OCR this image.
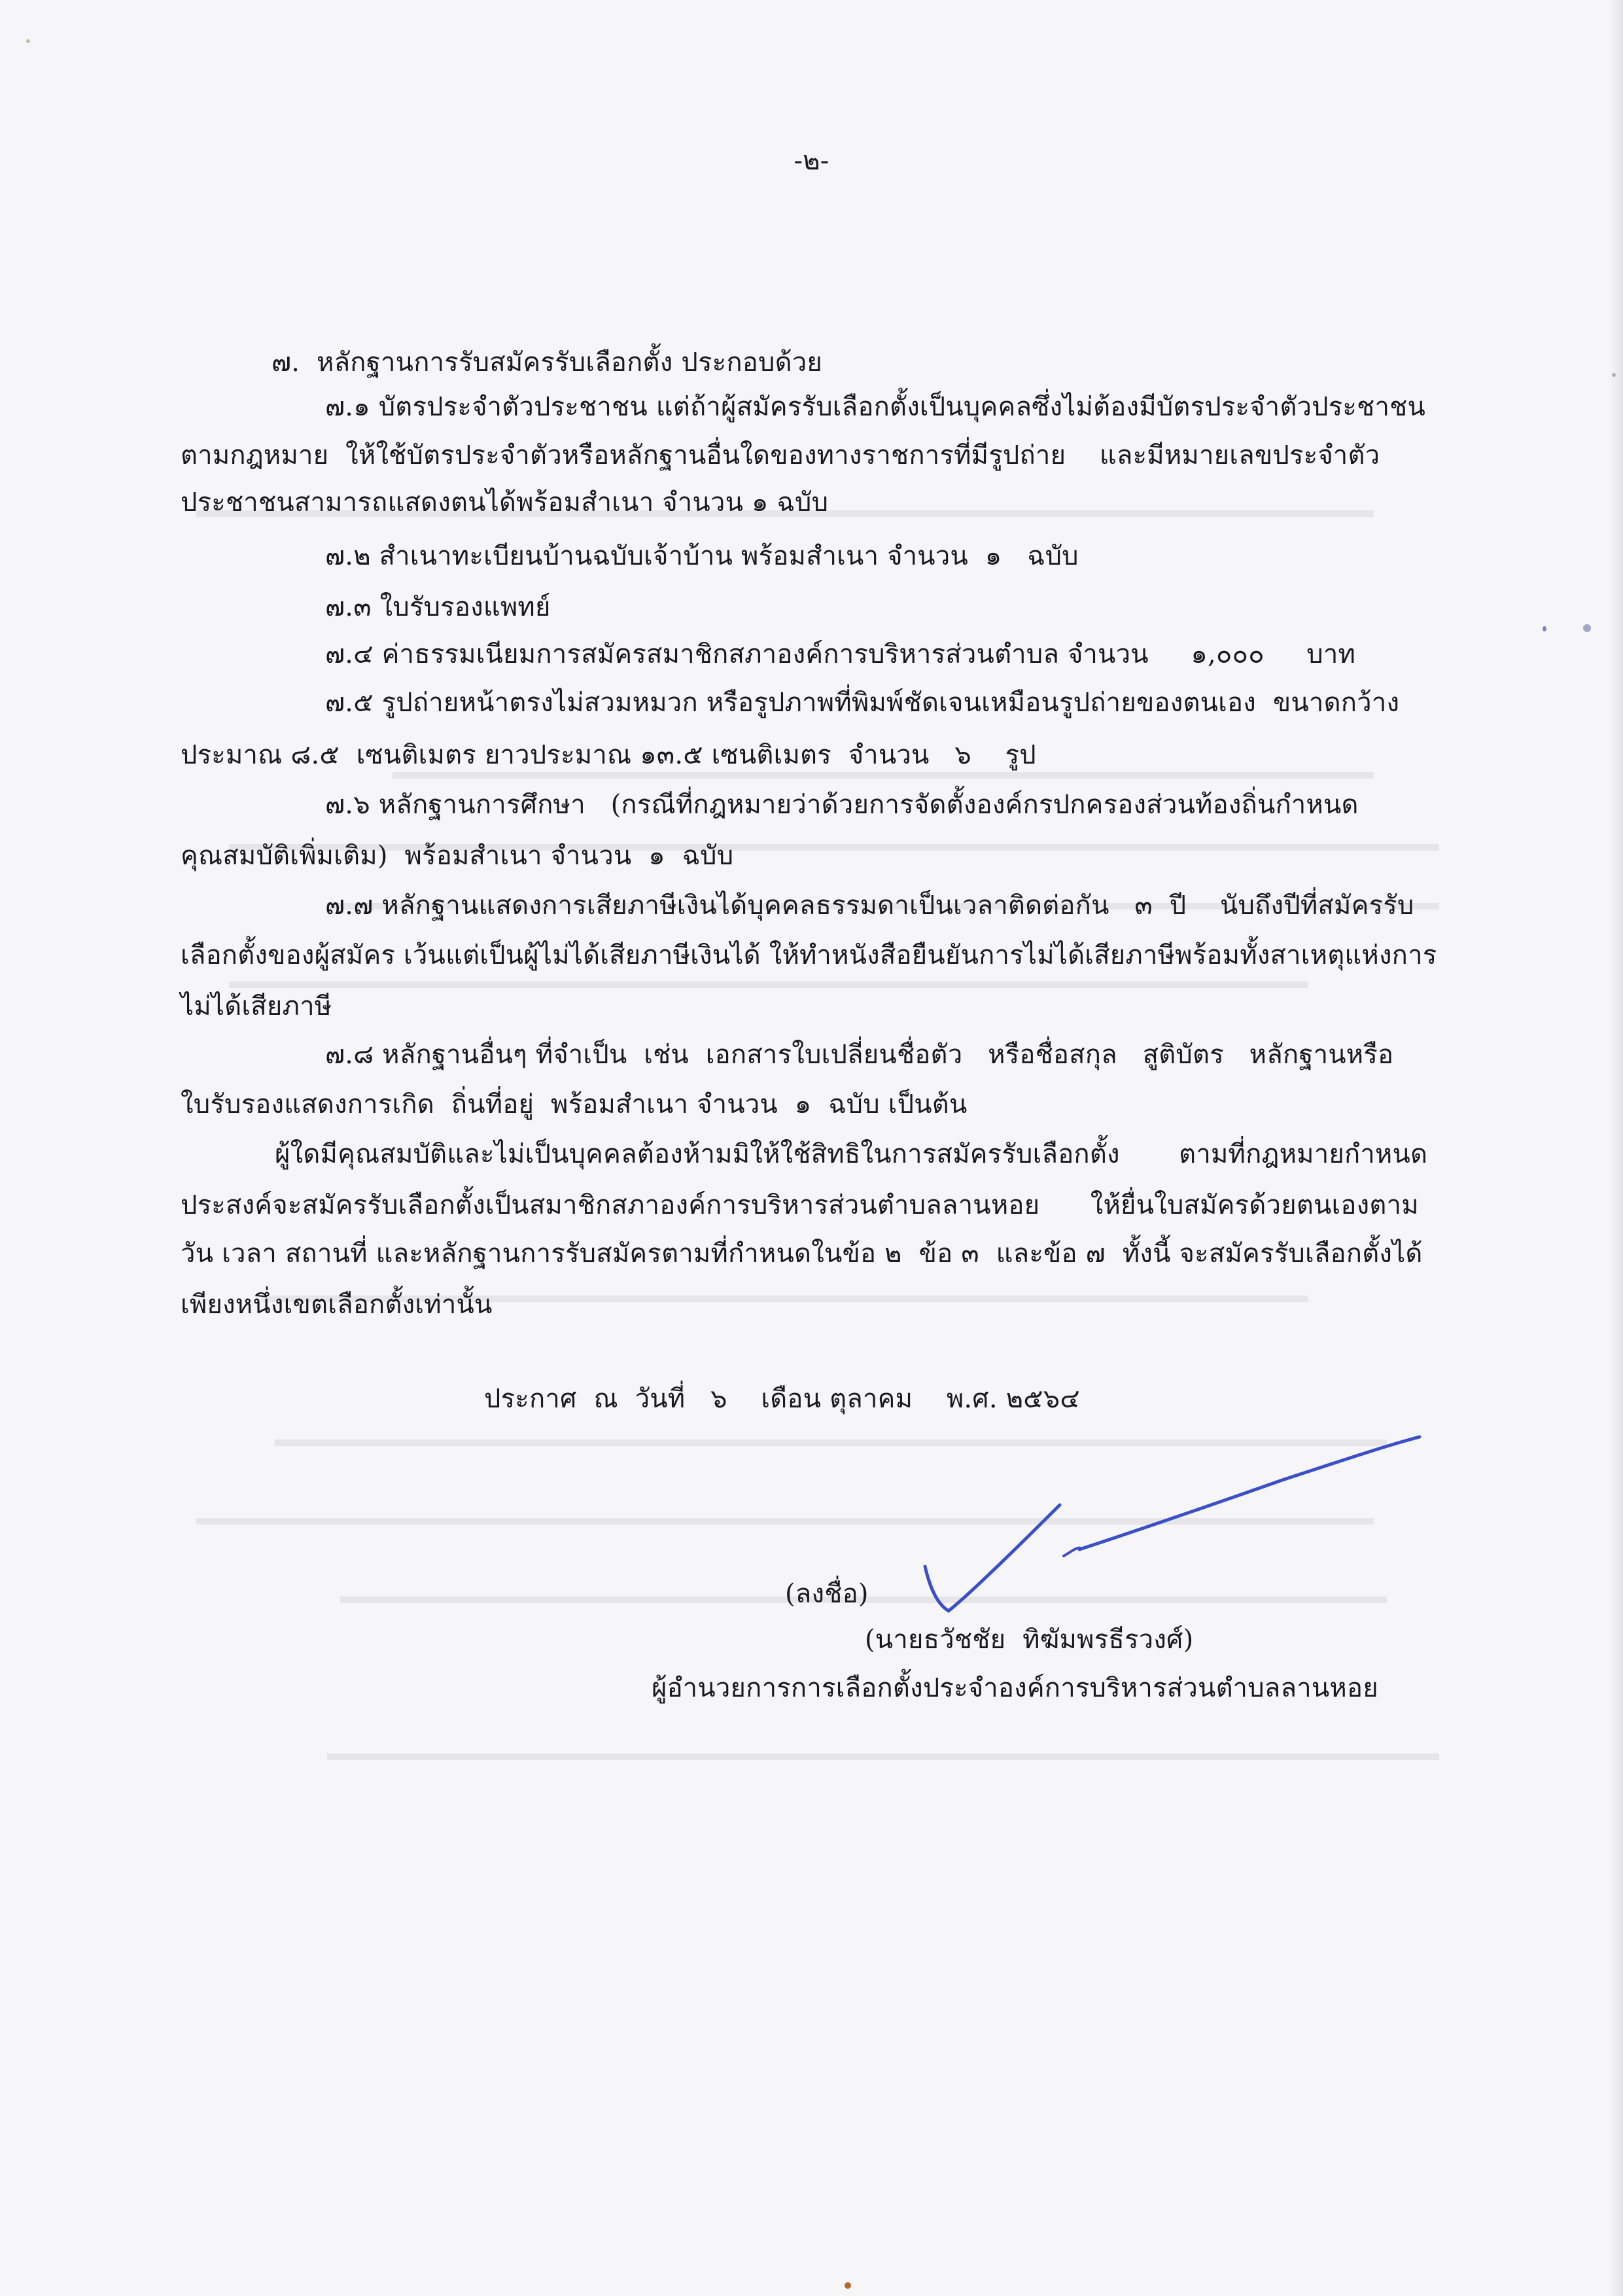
-๒-
๗.  หลักฐานการรับสมัครรับเลือกตั้ง ประกอบด้วย
๗.๑ บัตรประจำตัวประชาชน แต่ถ้าผู้สมัครรับเลือกตั้งเป็นบุคคลซึ่งไม่ต้องมีบัตรประจำตัวประชาชน
ตามกฎหมาย  ให้ใช้บัตรประจำตัวหรือหลักฐานอื่นใดของทางราชการที่มีรูปถ่าย    และมีหมายเลขประจำตัว
ประชาชนสามารถแสดงตนได้พร้อมสำเนา จำนวน ๑ ฉบับ
๗.๒ สำเนาทะเบียนบ้านฉบับเจ้าบ้าน พร้อมสำเนา จำนวน  ๑   ฉบับ
๗.๓ ใบรับรองแพทย์
๗.๔ ค่าธรรมเนียมการสมัครสมาชิกสภาองค์การบริหารส่วนตำบล จำนวน     ๑,๐๐๐     บาท
๗.๕ รูปถ่ายหน้าตรงไม่สวมหมวก หรือรูปภาพที่พิมพ์ชัดเจนเหมือนรูปถ่ายของตนเอง  ขนาดกว้าง
ประมาณ ๘.๕  เซนติเมตร ยาวประมาณ ๑๓.๕ เซนติเมตร  จำนวน   ๖    รูป
๗.๖ หลักฐานการศึกษา   (กรณีที่กฎหมายว่าด้วยการจัดตั้งองค์กรปกครองส่วนท้องถิ่นกำหนด
คุณสมบัติเพิ่มเติม)  พร้อมสำเนา จำนวน  ๑  ฉบับ
๗.๗ หลักฐานแสดงการเสียภาษีเงินได้บุคคลธรรมดาเป็นเวลาติดต่อกัน   ๓  ปี    นับถึงปีที่สมัครรับ
เลือกตั้งของผู้สมัคร เว้นแต่เป็นผู้ไม่ได้เสียภาษีเงินได้ ให้ทำหนังสือยืนยันการไม่ได้เสียภาษีพร้อมทั้งสาเหตุแห่งการ
ไม่ได้เสียภาษี
๗.๘ หลักฐานอื่นๆ ที่จำเป็น  เช่น  เอกสารใบเปลี่ยนชื่อตัว   หรือชื่อสกุล   สูติบัตร   หลักฐานหรือ
ใบรับรองแสดงการเกิด  ถิ่นที่อยู่  พร้อมสำเนา จำนวน  ๑  ฉบับ เป็นต้น
ผู้ใดมีคุณสมบัติและไม่เป็นบุคคลต้องห้ามมิให้ใช้สิทธิในการสมัครรับเลือกตั้ง       ตามที่กฎหมายกำหนด
ประสงค์จะสมัครรับเลือกตั้งเป็นสมาชิกสภาองค์การบริหารส่วนตำบลลานหอย      ให้ยื่นใบสมัครด้วยตนเองตาม
วัน เวลา สถานที่ และหลักฐานการรับสมัครตามที่กำหนดในข้อ ๒  ข้อ ๓  และข้อ ๗  ทั้งนี้ จะสมัครรับเลือกตั้งได้
เพียงหนึ่งเขตเลือกตั้งเท่านั้น
ประกาศ  ณ  วันที่   ๖    เดือน ตุลาคม    พ.ศ. ๒๕๖๔
(ลงชื่อ)
(นายธวัชชัย  ทิฆัมพรธีรวงศ์)
ผู้อำนวยการการเลือกตั้งประจำองค์การบริหารส่วนตำบลลานหอย
